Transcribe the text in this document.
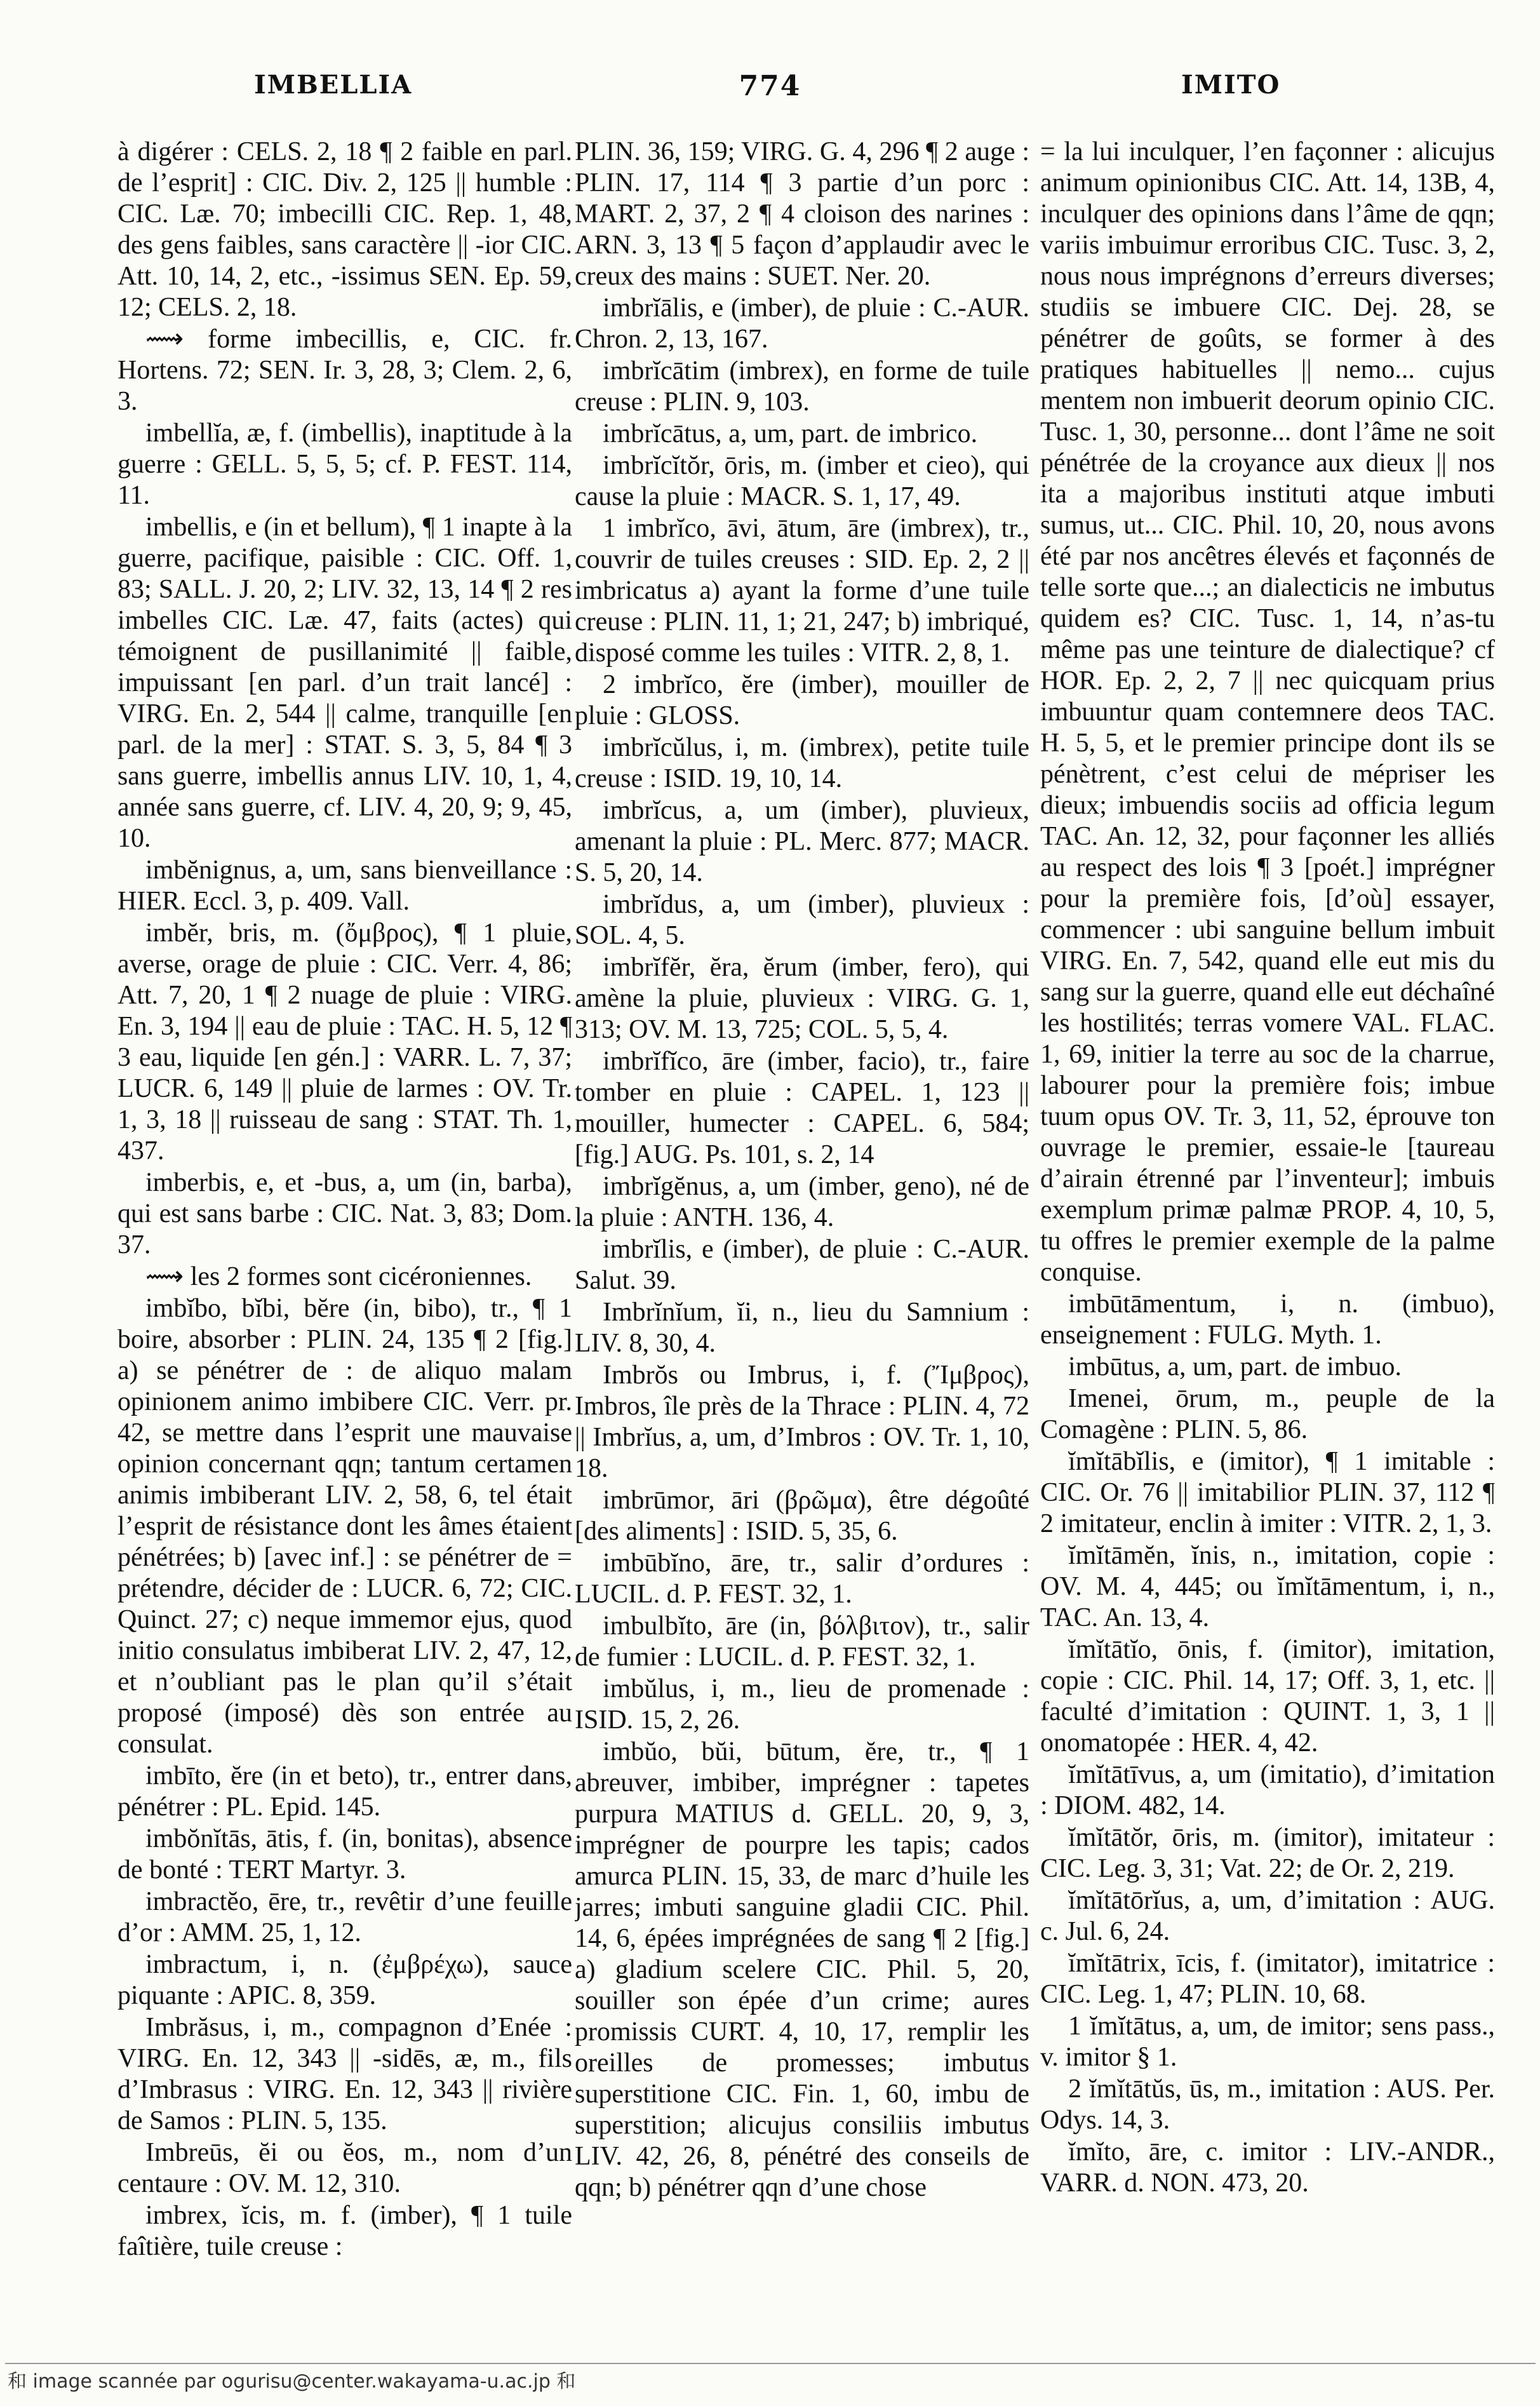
IMBELLIA	774	IMITO

à digérer : CELS. 2, 18 ¶ 2 faible en parl. de l’esprit] : CIC. Div. 2, 125 || humble : CIC. Læ. 70; imbecilli CIC. Rep. 1, 48, des gens faibles, sans caractère || -ior CIC. Att. 10, 14, 2, etc., -issimus SEN. Ep. 59, 12; CELS. 2, 18.

⟿ forme imbecillis, e, CIC. fr. Hortens. 72; SEN. Ir. 3, 28, 3; Clem. 2, 6, 3.

imbellĭa, æ, f. (imbellis), inaptitude à la guerre : GELL. 5, 5, 5; cf. P. FEST. 114, 11.

imbellis, e (in et bellum), ¶ 1 inapte à la guerre, pacifique, paisible : CIC. Off. 1, 83; SALL. J. 20, 2; LIV. 32, 13, 14 ¶ 2 res imbelles CIC. Læ. 47, faits (actes) qui témoignent de pusillanimité || faible, impuissant [en parl. d’un trait lancé] : VIRG. En. 2, 544 || calme, tranquille [en parl. de la mer] : STAT. S. 3, 5, 84 ¶ 3 sans guerre, imbellis annus LIV. 10, 1, 4, année sans guerre, cf. LIV. 4, 20, 9; 9, 45, 10.

imbĕnignus, a, um, sans bienveillance : HIER. Eccl. 3, p. 409. Vall.

imbĕr, bris, m. (ὄμβρος), ¶ 1 pluie, averse, orage de pluie : CIC. Verr. 4, 86; Att. 7, 20, 1 ¶ 2 nuage de pluie : VIRG. En. 3, 194 || eau de pluie : TAC. H. 5, 12 ¶ 3 eau, liquide [en gén.] : VARR. L. 7, 37; LUCR. 6, 149 || pluie de larmes : OV. Tr. 1, 3, 18 || ruisseau de sang : STAT. Th. 1, 437.

imberbis, e, et -bus, a, um (in, barba), qui est sans barbe : CIC. Nat. 3, 83; Dom. 37.

⟿ les 2 formes sont cicéroniennes.

imbĭbo, bĭbi, bĕre (in, bibo), tr., ¶ 1 boire, absorber : PLIN. 24, 135 ¶ 2 [fig.] a) se pénétrer de : de aliquo malam opinionem animo imbibere CIC. Verr. pr. 42, se mettre dans l’esprit une mauvaise opinion concernant qqn; tantum certamen animis imbiberant LIV. 2, 58, 6, tel était l’esprit de résistance dont les âmes étaient pénétrées; b) [avec inf.] : se pénétrer de = prétendre, décider de : LUCR. 6, 72; CIC. Quinct. 27; c) neque immemor ejus, quod initio consulatus imbiberat LIV. 2, 47, 12, et n’oubliant pas le plan qu’il s’était proposé (imposé) dès son entrée au consulat.

imbīto, ĕre (in et beto), tr., entrer dans, pénétrer : PL. Epid. 145.

imbŏnĭtās, ātis, f. (in, bonitas), absence de bonté : TERT Martyr. 3.

imbractĕo, ēre, tr., revêtir d’une feuille d’or : AMM. 25, 1, 12.

imbractum, i, n. (ἐμβρέχω), sauce piquante : APIC. 8, 359.

Imbrăsus, i, m., compagnon d’Enée : VIRG. En. 12, 343 || -sidēs, æ, m., fils d’Imbrasus : VIRG. En. 12, 343 || rivière de Samos : PLIN. 5, 135.

Imbreūs, ĕi ou ĕos, m., nom d’un centaure : OV. M. 12, 310.

imbrex, ĭcis, m. f. (imber), ¶ 1 tuile faîtière, tuile creuse :

PLIN. 36, 159; VIRG. G. 4, 296 ¶ 2 auge : PLIN. 17, 114 ¶ 3 partie d’un porc : MART. 2, 37, 2 ¶ 4 cloison des narines : ARN. 3, 13 ¶ 5 façon d’applaudir avec le creux des mains : SUET. Ner. 20.

imbrĭālis, e (imber), de pluie : C.-AUR. Chron. 2, 13, 167.

imbrĭcātim (imbrex), en forme de tuile creuse : PLIN. 9, 103.

imbrĭcātus, a, um, part. de imbrico.

imbrĭcĭtŏr, ōris, m. (imber et cieo), qui cause la pluie : MACR. S. 1, 17, 49.

1 imbrĭco, āvi, ātum, āre (imbrex), tr., couvrir de tuiles creuses : SID. Ep. 2, 2 || imbricatus a) ayant la forme d’une tuile creuse : PLIN. 11, 1; 21, 247; b) imbriqué, disposé comme les tuiles : VITR. 2, 8, 1.

2 imbrĭco, ĕre (imber), mouiller de pluie : GLOSS.

imbrĭcŭlus, i, m. (imbrex), petite tuile creuse : ISID. 19, 10, 14.

imbrĭcus, a, um (imber), pluvieux, amenant la pluie : PL. Merc. 877; MACR. S. 5, 20, 14.

imbrĭdus, a, um (imber), pluvieux : SOL. 4, 5.

imbrĭfĕr, ĕra, ĕrum (imber, fero), qui amène la pluie, pluvieux : VIRG. G. 1, 313; OV. M. 13, 725; COL. 5, 5, 4.

imbrĭfĭco, āre (imber, facio), tr., faire tomber en pluie : CAPEL. 1, 123 || mouiller, humecter : CAPEL. 6, 584; [fig.] AUG. Ps. 101, s. 2, 14

imbrĭgĕnus, a, um (imber, geno), né de la pluie : ANTH. 136, 4.

imbrĭlis, e (imber), de pluie : C.-AUR. Salut. 39.

Imbrĭnĭum, ĭi, n., lieu du Samnium : LIV. 8, 30, 4.

Imbrŏs ou Imbrus, i, f. (Ἴμβρος), Imbros, île près de la Thrace : PLIN. 4, 72 || Imbrĭus, a, um, d’Imbros : OV. Tr. 1, 10, 18.

imbrūmor, āri (βρῶμα), être dégoûté [des aliments] : ISID. 5, 35, 6.

imbūbĭno, āre, tr., salir d’ordures : LUCIL. d. P. FEST. 32, 1.

imbulbĭto, āre (in, βόλβιτον), tr., salir de fumier : LUCIL. d. P. FEST. 32, 1.

imbŭlus, i, m., lieu de promenade : ISID. 15, 2, 26.

imbŭo, bŭi, būtum, ĕre, tr., ¶ 1 abreuver, imbiber, imprégner : tapetes purpura MATIUS d. GELL. 20, 9, 3, imprégner de pourpre les tapis; cados amurca PLIN. 15, 33, de marc d’huile les jarres; imbuti sanguine gladii CIC. Phil. 14, 6, épées imprégnées de sang ¶ 2 [fig.] a) gladium scelere CIC. Phil. 5, 20, souiller son épée d’un crime; aures promissis CURT. 4, 10, 17, remplir les oreilles de promesses; imbutus superstitione CIC. Fin. 1, 60, imbu de superstition; alicujus consiliis imbutus LIV. 42, 26, 8, pénétré des conseils de qqn; b) pénétrer qqn d’une chose

= la lui inculquer, l’en façonner : alicujus animum opinionibus CIC. Att. 14, 13B, 4, inculquer des opinions dans l’âme de qqn; variis imbuimur erroribus CIC. Tusc. 3, 2, nous nous imprégnons d’erreurs diverses; studiis se imbuere CIC. Dej. 28, se pénétrer de goûts, se former à des pratiques habituelles || nemo... cujus mentem non imbuerit deorum opinio CIC. Tusc. 1, 30, personne... dont l’âme ne soit pénétrée de la croyance aux dieux || nos ita a majoribus instituti atque imbuti sumus, ut... CIC. Phil. 10, 20, nous avons été par nos ancêtres élevés et façonnés de telle sorte que...; an dialecticis ne imbutus quidem es? CIC. Tusc. 1, 14, n’as-tu même pas une teinture de dialectique? cf HOR. Ep. 2, 2, 7 || nec quicquam prius imbuuntur quam contemnere deos TAC. H. 5, 5, et le premier principe dont ils se pénètrent, c’est celui de mépriser les dieux; imbuendis sociis ad officia legum TAC. An. 12, 32, pour façonner les alliés au respect des lois ¶ 3 [poét.] imprégner pour la première fois, [d’où] essayer, commencer : ubi sanguine bellum imbuit VIRG. En. 7, 542, quand elle eut mis du sang sur la guerre, quand elle eut déchaîné les hostilités; terras vomere VAL. FLAC. 1, 69, initier la terre au soc de la charrue, labourer pour la première fois; imbue tuum opus OV. Tr. 3, 11, 52, éprouve ton ouvrage le premier, essaie-le [taureau d’airain étrenné par l’inventeur]; imbuis exemplum primæ palmæ PROP. 4, 10, 5, tu offres le premier exemple de la palme conquise.

imbūtāmentum, i, n. (imbuo), enseignement : FULG. Myth. 1.

imbūtus, a, um, part. de imbuo.

Imenei, ōrum, m., peuple de la Comagène : PLIN. 5, 86.

ĭmĭtābĭlis, e (imitor), ¶ 1 imitable : CIC. Or. 76 || imitabilior PLIN. 37, 112 ¶ 2 imitateur, enclin à imiter : VITR. 2, 1, 3.

ĭmĭtāmĕn, ĭnis, n., imitation, copie : OV. M. 4, 445; ou ĭmĭtāmentum, i, n., TAC. An. 13, 4.

ĭmĭtātĭo, ōnis, f. (imitor), imitation, copie : CIC. Phil. 14, 17; Off. 3, 1, etc. || faculté d’imitation : QUINT. 1, 3, 1 || onomatopée : HER. 4, 42.

ĭmĭtātīvus, a, um (imitatio), d’imitation : DIOM. 482, 14.

ĭmĭtātŏr, ōris, m. (imitor), imitateur : CIC. Leg. 3, 31; Vat. 22; de Or. 2, 219.

ĭmĭtātōrĭus, a, um, d’imitation : AUG. c. Jul. 6, 24.

ĭmĭtātrix, īcis, f. (imitator), imitatrice : CIC. Leg. 1, 47; PLIN. 10, 68.

1 ĭmĭtātus, a, um, de imitor; sens pass., v. imitor § 1.

2 ĭmĭtātŭs, ūs, m., imitation : AUS. Per. Odys. 14, 3.

ĭmĭto, āre, c. imitor : LIV.-ANDR., VARR. d. NON. 473, 20.

和 image scannée par ogurisu@center.wakayama-u.ac.jp 和
